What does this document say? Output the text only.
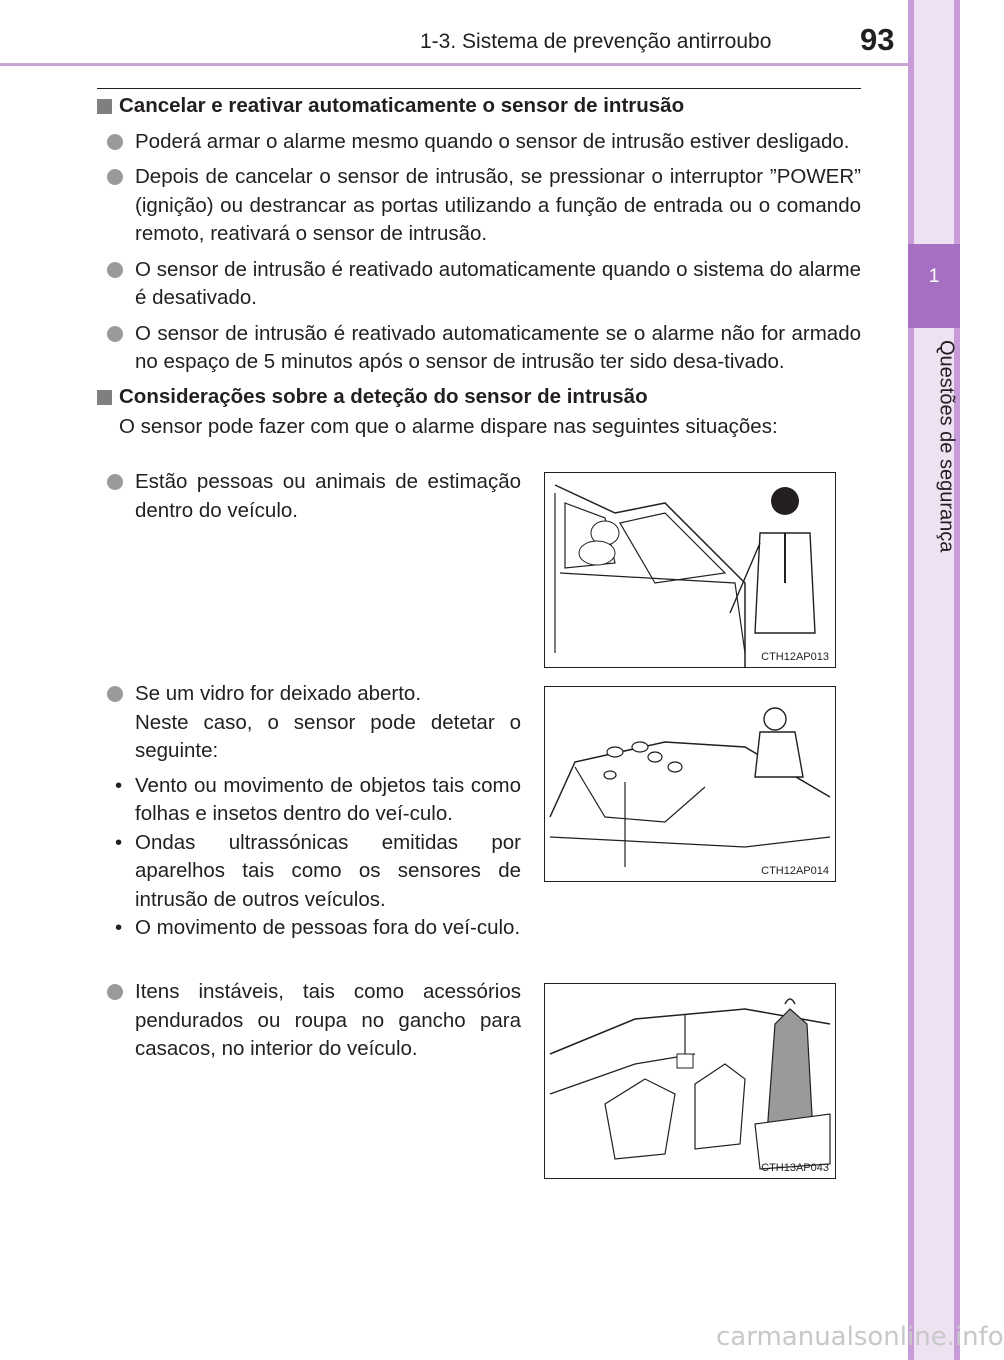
1-3. Sistema de prevenção antirroubo	93
1
Questões de segurança

Cancelar e reativar automaticamente o sensor de intrusão

Poderá armar o alarme mesmo quando o sensor de intrusão estiver desligado.

Depois de cancelar o sensor de intrusão, se pressionar o interruptor ”POWER” (ignição) ou destrancar as portas utilizando a função de entrada ou o comando remoto, reativará o sensor de intrusão.

O sensor de intrusão é reativado automaticamente quando o sistema do alarme é desativado.

O sensor de intrusão é reativado automaticamente se o alarme não for armado no espaço de 5 minutos após o sensor de intrusão ter sido desa-tivado.

Considerações sobre a deteção do sensor de intrusão

O sensor pode fazer com que o alarme dispare nas seguintes situações:

Estão pessoas ou animais de estimação dentro do veículo.
CTH12AP013
Se um vidro for deixado aberto.
Neste caso, o sensor pode detetar o seguinte:
• Vento ou movimento de objetos tais como folhas e insetos dentro do veí-culo.
• Ondas ultrassónicas emitidas por aparelhos tais como os sensores de intrusão de outros veículos.
• O movimento de pessoas fora do veí-culo.
CTH12AP014
Itens instáveis, tais como acessórios pendurados ou roupa no gancho para casacos, no interior do veículo.
CTH13AP043
carmanualsonline.info
